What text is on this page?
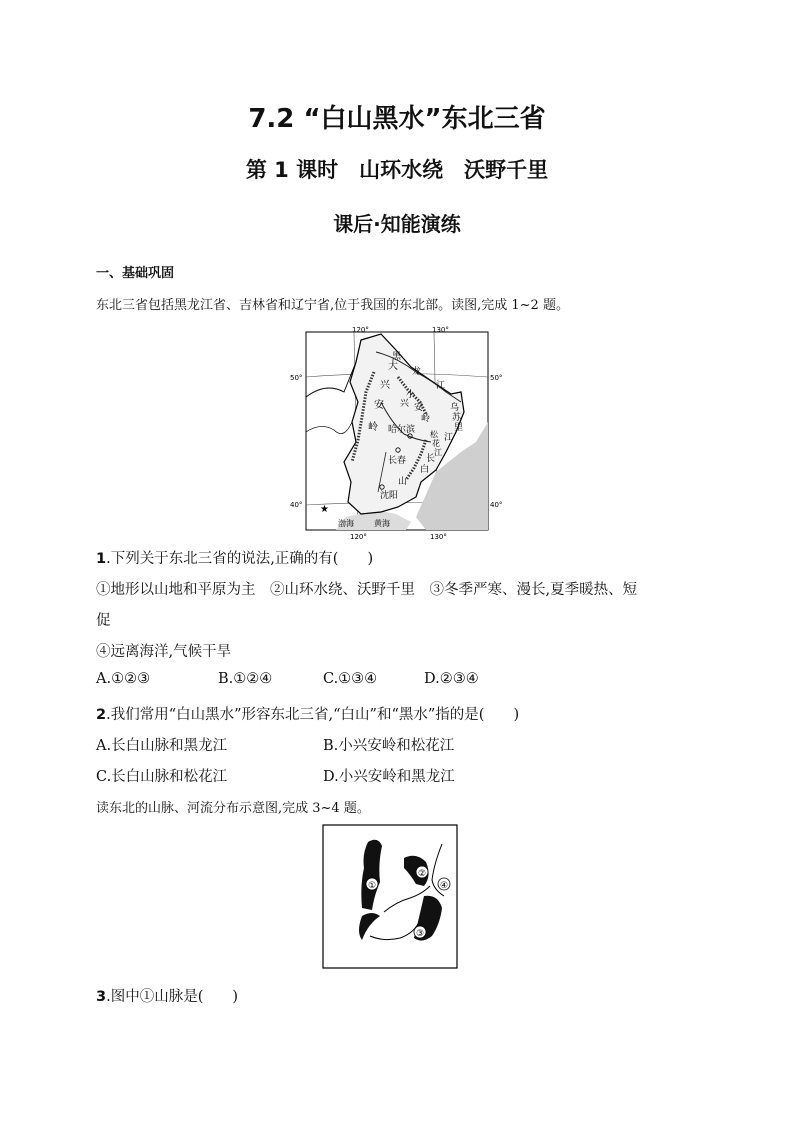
7.2 “白山黑水”东北三省
第 1 课时　山环水绕　沃野千里
课后·知能演练
一、基础巩固
东北三省包括黑龙江省、吉林省和辽宁省,位于我国的东北部。读图,完成 1~2 题。
120°	130°
120°	130°
50°	50°
40°	40°
大
兴
安
岭
黑
龙
江
小
兴 安
岭
乌
苏
里
江
松
花
江
长
白
山
哈尔滨
长春
沈阳
★
渤海	黄海
1.下列关于东北三省的说法,正确的有(　　)
①地形以山地和平原为主　②山环水绕、沃野千里　③冬季严寒、漫长,夏季暖热、短
促
④远离海洋,气候干旱
A.①②③	B.①②④	C.①③④	D.②③④
2.我们常用“白山黑水”形容东北三省,“白山”和“黑水”指的是(　　)
A.长白山脉和黑龙江	B.小兴安岭和松花江
C.长白山脉和松花江	D.小兴安岭和黑龙江
读东北的山脉、河流分布示意图,完成 3~4 题。
①
②
③
④
3.图中①山脉是(　　)
